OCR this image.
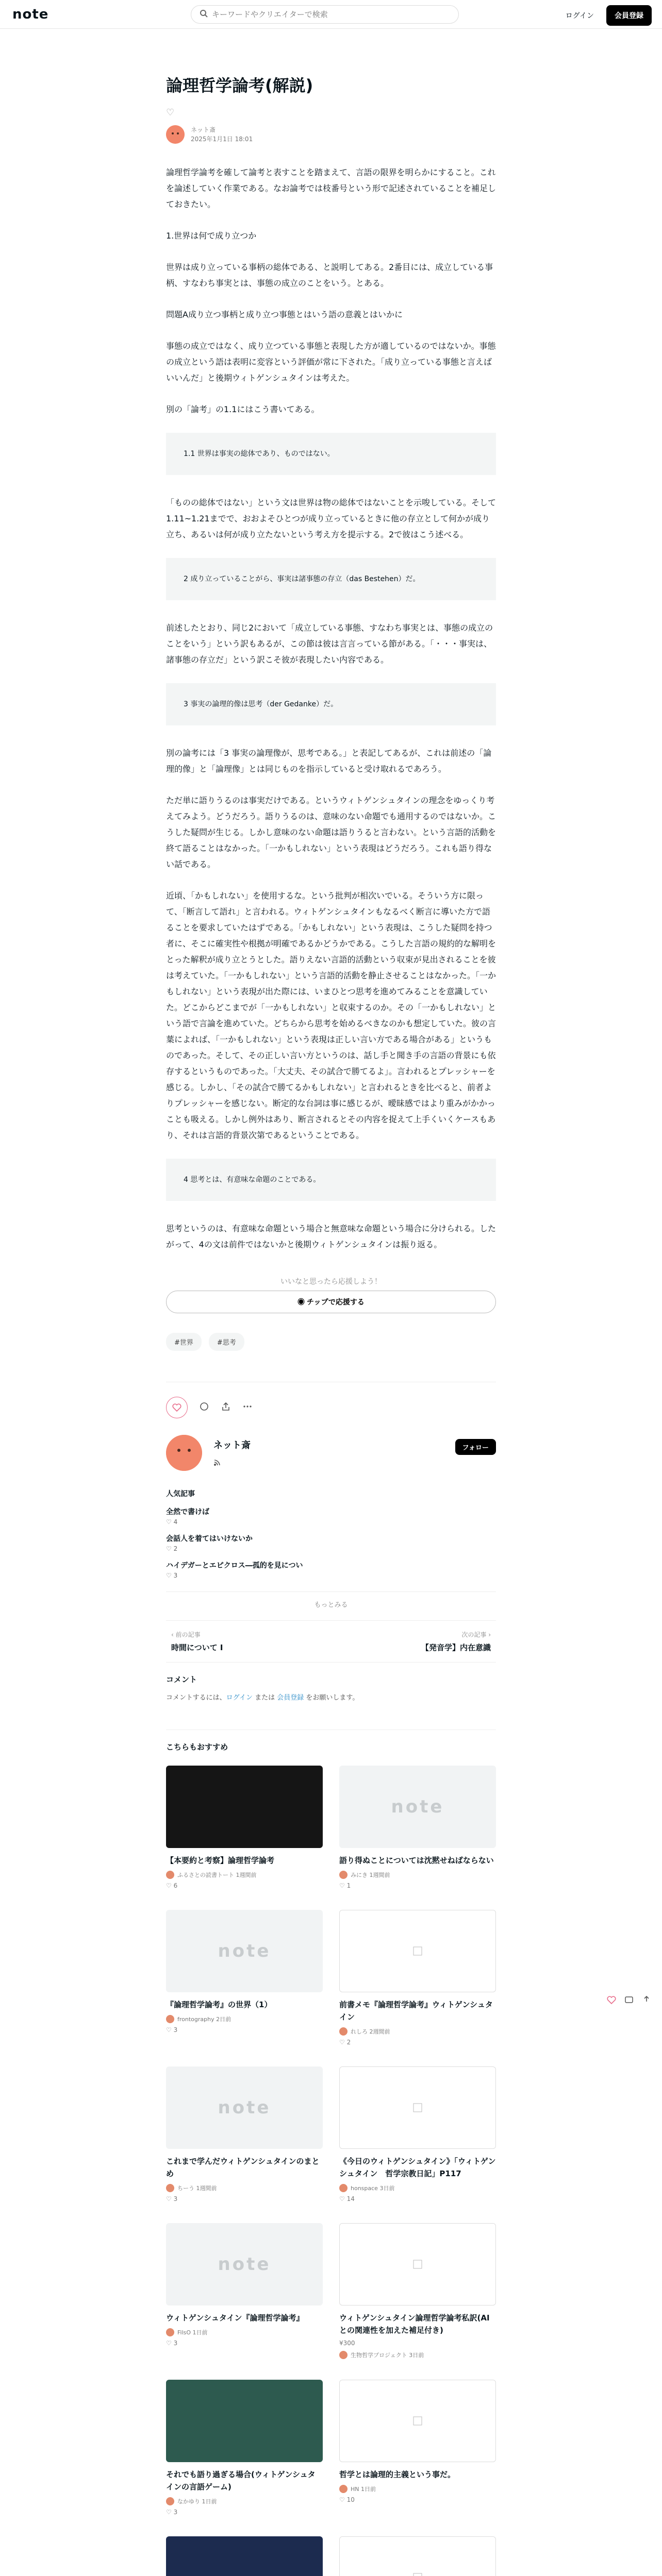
note
キーワードやクリエイターで検索	ログイン	会員登録
論理哲学論考(解説)
♡
ネット斎
2025年1月1日 18:01

論理哲学論考を確して論考と表すことを踏まえて、言語の限界を明らかにすること。これを論述していく作業である。なお論考では枝番号という形で記述されていることを補足しておきたい。

1.世界は何で成り立つか

世界は成り立っている事柄の総体である、と説明してある。2番目には、成立している事柄、すなわち事実とは、事態の成立のことをいう。とある。

問題A成り立つ事柄と成り立つ事態とはいう語の意義とはいかに

事態の成立ではなく、成り立つている事態と表現した方が適しているのではないか。事態の成立という語は表明に変容という評価が常に下された。「成り立っている事態と言えばいいんだ」と後期ウィトゲンシュタインは考えた。

別の「論考」の1.1にはこう書いてある。

1.1 世界は事実の総体であり、ものではない。

「ものの総体ではない」という文は世界は物の総体ではないことを示唆している。そして1.11~1.21までで、おおよそひとつが成り立っているときに他の存立として何かが成り立ち、あるいは何が成り立たないという考え方を提示する。2で彼はこう述べる。

2 成り立っていることがら、事実は諸事態の存立（das Bestehen）だ。

前述したとおり、同じ2において「成立している事態、すなわち事実とは、事態の成立のことをいう」という訳もあるが、この節は彼は言言っている節がある。「・・・事実は、諸事態の存立だ」という訳こそ彼が表現したい内容である。

3 事実の論理的像は思考（der Gedanke）だ。

別の論考には「3 事実の論理像が、思考である。」と表記してあるが、これは前述の「論理的像」と「論理像」とは同じものを指示していると受け取れるであろう。

ただ単に語りうるのは事実だけである。というウィトゲンシュタインの理念をゆっくり考えてみよう。どうだろう。語りうるのは、意味のない命題でも通用するのではないか。こうした疑問が生じる。しかし意味のない命題は語りうると言わない。という言語的活動を終て語ることはなかった。「一かもしれない」という表現はどうだろう。これも語り得ない話である。

近頃、「かもしれない」を使用するな。という批判が相次いでいる。そういう方に限って、「断言して語れ」と言われる。ウィトゲンシュタインもなるべく断言に導いた方で語ることを要求していたはずである。「かもしれない」という表現は、こうした疑問を持つ者に、そこに確実性や根拠が明確であるかどうかである。こうした言語の規約的な解明をとった解釈が成り立とうとした。語りえない言語的活動という収束が見出されることを彼は考えていた。「一かもしれない」という言語的活動を静止させることはなかった。「一かもしれない」という表現が出た際には、いまひとつ思考を進めてみることを意識していた。どこからどこまでが「一かもしれない」と収束するのか。その「一かもしれない」という語で言論を進めていた。どちらから思考を始めるべきなのかも想定していた。彼の言葉によれば、「一かもしれない」という表現は正しい言い方である場合がある」というものであった。そして、その正しい言い方というのは、話し手と聞き手の言語の背景にも依存するというものであった。「大丈夫、その試合で勝てるよ」。言われるとプレッシャーを感じる。しかし、「その試合で勝てるかもしれない」と言われるときを比べると、前者よりプレッシャーを感じない。断定的な台詞は事に感じるが、曖昧感ではより重みがかかっことも吸える。しかし例外はあり、断言されるとその内容を捉えて上手くいくケースもあり、それは言語的背景次第であるということである。

4 思考とは、有意味な命題のことである。

思考というのは、有意味な命題という場合と無意味な命題という場合に分けられる。したがって、4の文は前件ではないかと後期ウィトゲンシュタインは振り返る。

いいなと思ったら応援しよう！
◉ チップで応援する
#世界	#思考
ネット斎	フォロー
人気記事
全然で書けば
♡ 4
会話人を着てはいけないか
♡ 2
ハイデガーとエピクロス―孤的を見につい
♡ 3
もっとみる
‹ 前の記事
時間について I
次の記事 ›
【発音学】内在意識
コメント
コメントするには、ログイン または 会員登録 をお願いします。
こちらもおすすめ
【本要約と考察】論理哲学論考
ふるさとの読書トート 1週間前
♡ 6
note
語り得ぬことについては沈黙せねばならない
みにき 1週間前
♡ 1
note
『論理哲学論考』の世界（1）
frontography 2日前
♡ 3
前書メモ『論理哲学論考』ウィトゲンシュタイン
れしろ 2週間前
♡ 2
note
これまで学んだウィトゲンシュタインのまとめ
ちーう 1週間前
♡ 3
《今日のウィトゲンシュタイン》「ウィトゲンシュタイン　哲学宗教日記」P117
honspace 3日前
♡ 14
note
ウィトゲンシュタイン『論理哲学論考』
FilsO 1日前
♡ 3
ウィトゲンシュタイン論理哲学論考私訳(AIとの関連性を加えた補足付き)
¥300
生物哲学プロジェクト 3日前
それでも語り過ぎる場合(ウィトゲンシュタインの言語ゲーム)
なかゆり 1日前
♡ 3
哲学とは論理的主義という事だ。
HN 1日前
♡ 10
